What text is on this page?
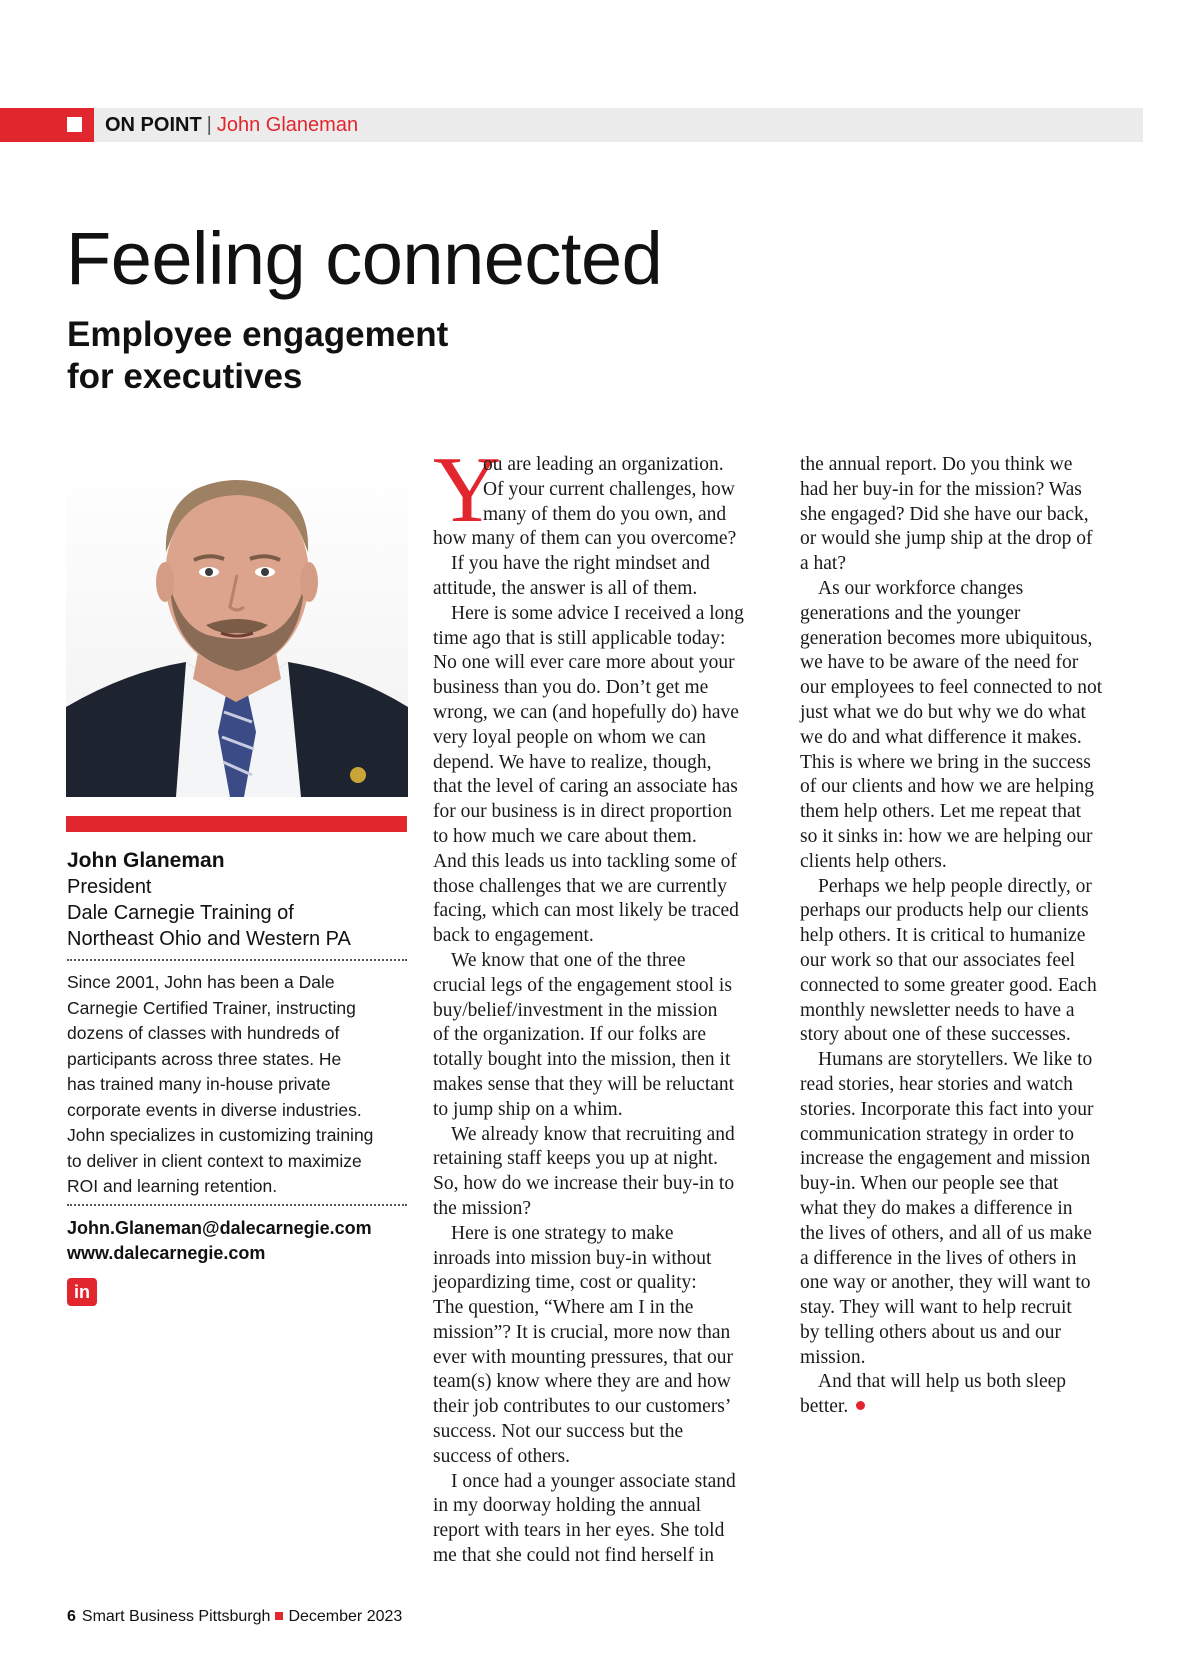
ON POINT | John Glaneman
Feeling connected
Employee engagement
for executives
John Glaneman
President
Dale Carnegie Training of
Northeast Ohio and Western PA
Since 2001, John has been a Dale
Carnegie Certified Trainer, instructing
dozens of classes with hundreds of
participants across three states. He
has trained many in-house private
corporate events in diverse industries.
John specializes in customizing training
to deliver in client context to maximize
ROI and learning retention.
John.Glaneman@dalecarnegie.com
www.dalecarnegie.com
in
Y
ou are leading an organization.
Of your current challenges, how
many of them do you own, and
how many of them can you overcome?
If you have the right mindset and
attitude, the answer is all of them.
Here is some advice I received a long
time ago that is still applicable today:
No one will ever care more about your
business than you do. Don’t get me
wrong, we can (and hopefully do) have
very loyal people on whom we can
depend. We have to realize, though,
that the level of caring an associate has
for our business is in direct proportion
to how much we care about them.
And this leads us into tackling some of
those challenges that we are currently
facing, which can most likely be traced
back to engagement.
We know that one of the three
crucial legs of the engagement stool is
buy/belief/investment in the mission
of the organization. If our folks are
totally bought into the mission, then it
makes sense that they will be reluctant
to jump ship on a whim.
We already know that recruiting and
retaining staff keeps you up at night.
So, how do we increase their buy-in to
the mission?
Here is one strategy to make
inroads into mission buy-in without
jeopardizing time, cost or quality:
The question, “Where am I in the
mission”? It is crucial, more now than
ever with mounting pressures, that our
team(s) know where they are and how
their job contributes to our customers’
success. Not our success but the
success of others.
I once had a younger associate stand
in my doorway holding the annual
report with tears in her eyes. She told
me that she could not find herself in
the annual report. Do you think we
had her buy-in for the mission? Was
she engaged? Did she have our back,
or would she jump ship at the drop of
a hat?
As our workforce changes
generations and the younger
generation becomes more ubiquitous,
we have to be aware of the need for
our employees to feel connected to not
just what we do but why we do what
we do and what difference it makes.
This is where we bring in the success
of our clients and how we are helping
them help others. Let me repeat that
so it sinks in: how we are helping our
clients help others.
Perhaps we help people directly, or
perhaps our products help our clients
help others. It is critical to humanize
our work so that our associates feel
connected to some greater good. Each
monthly newsletter needs to have a
story about one of these successes.
Humans are storytellers. We like to
read stories, hear stories and watch
stories. Incorporate this fact into your
communication strategy in order to
increase the engagement and mission
buy-in. When our people see that
what they do makes a difference in
the lives of others, and all of us make
a difference in the lives of others in
one way or another, they will want to
stay. They will want to help recruit
by telling others about us and our
mission.
And that will help us both sleep
better.
6 Smart Business Pittsburgh December 2023
